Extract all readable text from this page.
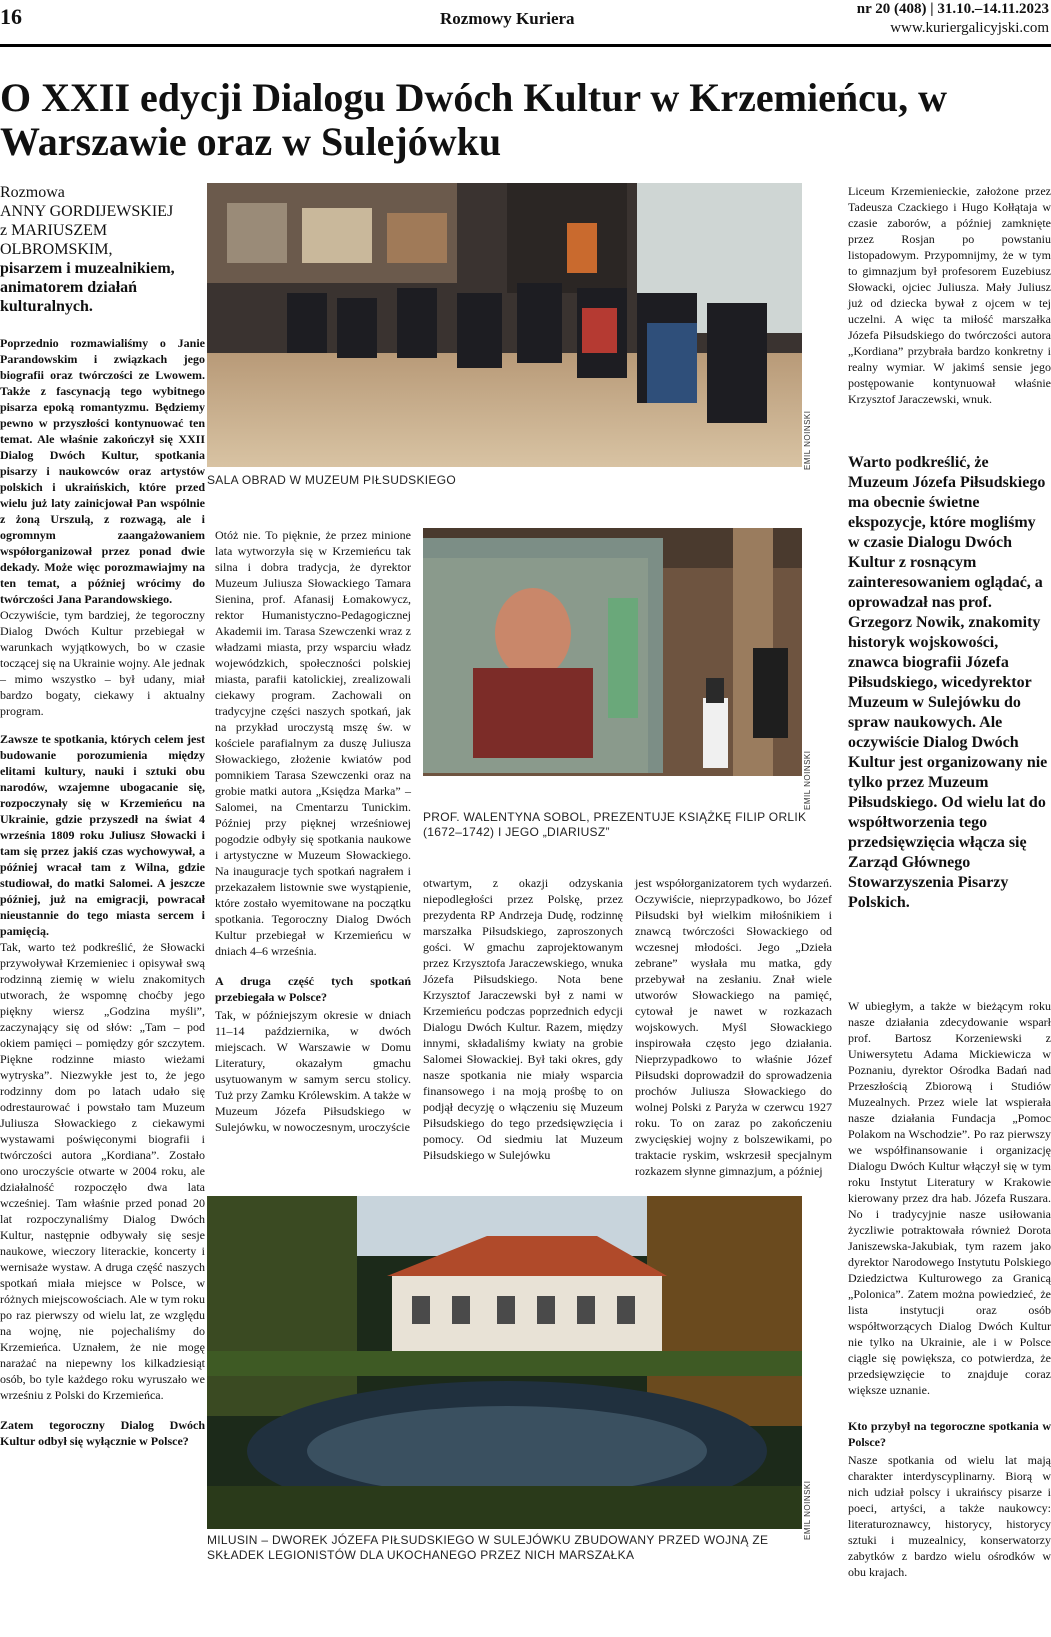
16	Rozmowy Kuriera	nr 20 (408) | 31.10.–14.11.2023
www.kuriergalicyjski.com
O XXII edycji Dialogu Dwóch Kultur w Krzemieńcu, w Warszawie oraz w Sulejówku
Rozmowa
ANNY GORDIJEWSKIEJ
z MARIUSZEM
OLBROMSKIM,
pisarzem i muzealnikiem,
animatorem działań
kulturalnych.

Poprzednio rozmawialiśmy o Janie Parandowskim i związkach jego biografii oraz twórczości ze Lwowem. Także z fascynacją tego wybitnego pisarza epoką romantyzmu. Będziemy pewno w przyszłości kontynuować ten temat. Ale właśnie zakończył się XXII Dialog Dwóch Kultur, spotkania pisarzy i naukowców oraz artystów polskich i ukraińskich, które przed wielu już laty zainicjował Pan wspólnie z żoną Urszulą, z rozwagą, ale i ogromnym zaangażowaniem współorganizował przez ponad dwie dekady. Może więc porozmawiajmy na ten temat, a później wrócimy do twórczości Jana Parandowskiego.

Oczywiście, tym bardziej, że tegoroczny Dialog Dwóch Kultur przebiegał w warunkach wyjątkowych, bo w czasie toczącej się na Ukrainie wojny. Ale jednak – mimo wszystko – był udany, miał bardzo bogaty, ciekawy i aktualny program.

Zawsze te spotkania, których celem jest budowanie porozumienia między elitami kultury, nauki i sztuki obu narodów, wzajemne ubogacanie się, rozpoczynały się w Krzemieńcu na Ukrainie, gdzie przyszedł na świat 4 września 1809 roku Juliusz Słowacki i tam się przez jakiś czas wychowywał, a później wracał tam z Wilna, gdzie studiował, do matki Salomei. A jeszcze później, już na emigracji, powracał nieustannie do tego miasta sercem i pamięcią.

Tak, warto też podkreślić, że Słowacki przywoływał Krzemieniec i opisywał swą rodzinną ziemię w wielu znakomitych utworach, że wspomnę choćby jego piękny wiersz „Godzina myśli”, zaczynający się od słów: „Tam – pod okiem pamięci – pomiędzy gór szczytem. Piękne rodzinne miasto wieżami wytryska”. Niezwykłe jest to, że jego rodzinny dom po latach udało się odrestaurować i powstało tam Muzeum Juliusza Słowackiego z ciekawymi wystawami poświęconymi biografii i twórczości autora „Kordiana”. Zostało ono uroczyście otwarte w 2004 roku, ale działalność rozpoczęło dwa lata wcześniej. Tam właśnie przed ponad 20 lat rozpoczynaliśmy Dialog Dwóch Kultur, następnie odbywały się sesje naukowe, wieczory literackie, koncerty i wernisaże wystaw. A druga część naszych spotkań miała miejsce w Polsce, w różnych miejscowościach. Ale w tym roku po raz pierwszy od wielu lat, ze względu na wojnę, nie pojechaliśmy do Krzemieńca. Uznałem, że nie mogę narażać na niepewny los kilkadziesiąt osób, bo tyle każdego roku wyruszało we wrześniu z Polski do Krzemieńca.

Zatem tegoroczny Dialog Dwóch Kultur odbył się wyłącznie w Polsce?

EMIL NOINSKI
SALA OBRAD W MUZEUM PIŁSUDSKIEGO

Otóż nie. To pięknie, że przez minione lata wytworzyła się w Krzemieńcu tak silna i dobra tradycja, że dyrektor Muzeum Juliusza Słowackiego Tamara Sienina, prof. Afanasij Łomakowycz, rektor Humanistyczno-Pedagogicznej Akademii im. Tarasa Szewczenki wraz z władzami miasta, przy wsparciu władz wojewódzkich, społeczności polskiej miasta, parafii katolickiej, zrealizowali ciekawy program. Zachowali on tradycyjne części naszych spotkań, jak na przykład uroczystą mszę św. w kościele parafialnym za duszę Juliusza Słowackiego, złożenie kwiatów pod pomnikiem Tarasa Szewczenki oraz na grobie matki autora „Księdza Marka” – Salomei, na Cmentarzu Tunickim. Później przy pięknej wrześniowej pogodzie odbyły się spotkania naukowe i artystyczne w Muzeum Słowackiego. Na inauguracje tych spotkań nagrałem i przekazałem listownie swe wystąpienie, które zostało wyemitowane na początku spotkania. Tegoroczny Dialog Dwóch Kultur przebiegał w Krzemieńcu w dniach 4–6 września.

A druga część tych spotkań przebiegała w Polsce?

Tak, w późniejszym okresie w dniach 11–14 października, w dwóch miejscach. W Warszawie w Domu Literatury, okazałym gmachu usytuowanym w samym sercu stolicy. Tuż przy Zamku Królewskim. A także w Muzeum Józefa Piłsudskiego w Sulejówku, w nowoczesnym, uroczyście

EMIL NOINSKI
PROF. WALENTYNA SOBOL, PREZENTUJE KSIĄŻKĘ FILIP ORLIK (1672–1742) I JEGO „DIARIUSZ”

otwartym, z okazji odzyskania niepodległości przez Polskę, przez prezydenta RP Andrzeja Dudę, rodzinnę marszałka Piłsudskiego, zaproszonych gości. W gmachu zaprojektowanym przez Krzysztofa Jaraczewskiego, wnuka Józefa Piłsudskiego. Nota bene Krzysztof Jaraczewski był z nami w Krzemieńcu podczas poprzednich edycji Dialogu Dwóch Kultur. Razem, między innymi, składaliśmy kwiaty na grobie Salomei Słowackiej. Był taki okres, gdy nasze spotkania nie miały wsparcia finansowego i na moją prośbę to on podjął decyzję o włączeniu się Muzeum Piłsudskiego do tego przedsięwzięcia i pomocy. Od siedmiu lat Muzeum Piłsudskiego w Sulejówku

jest współorganizatorem tych wydarzeń. Oczywiście, nieprzypadkowo, bo Józef Piłsudski był wielkim miłośnikiem i znawcą twórczości Słowackiego od wczesnej młodości. Jego „Dzieła zebrane” wysłała mu matka, gdy przebywał na zesłaniu. Znał wiele utworów Słowackiego na pamięć, cytował je nawet w rozkazach wojskowych. Myśl Słowackiego inspirowała często jego działania. Nieprzypadkowo to właśnie Józef Piłsudski doprowadził do sprowadzenia prochów Juliusza Słowackiego do wolnej Polski z Paryża w czerwcu 1927 roku. To on zaraz po zakończeniu zwycięskiej wojny z bolszewikami, po traktacie ryskim, wskrzesił specjalnym rozkazem słynne gimnazjum, a później

EMIL NOINSKI
MILUSIN – DWOREK JÓZEFA PIŁSUDSKIEGO W SULEJÓWKU ZBUDOWANY PRZED WOJNĄ ZE SKŁADEK LEGIONISTÓW DLA UKOCHANEGO PRZEZ NICH MARSZAŁKA

Liceum Krzemienieckie, założone przez Tadeusza Czackiego i Hugo Kołłątaja w czasie zaborów, a później zamknięte przez Rosjan po powstaniu listopadowym. Przypomnijmy, że w tym to gimnazjum był profesorem Euzebiusz Słowacki, ojciec Juliusza. Mały Juliusz już od dziecka bywał z ojcem w tej uczelni. A więc ta miłość marszałka Józefa Piłsudskiego do twórczości autora „Kordiana” przybrała bardzo konkretny i realny wymiar. W jakimś sensie jego postępowanie kontynuował właśnie Krzysztof Jaraczewski, wnuk.

Warto podkreślić, że Muzeum Józefa Piłsudskiego ma obecnie świetne ekspozycje, które mogliśmy w czasie Dialogu Dwóch Kultur z rosnącym zainteresowaniem oglądać, a oprowadzał nas prof. Grzegorz Nowik, znakomity historyk wojskowości, znawca biografii Józefa Piłsudskiego, wicedyrektor Muzeum w Sulejówku do spraw naukowych. Ale oczywiście Dialog Dwóch Kultur jest organizowany nie tylko przez Muzeum Piłsudskiego. Od wielu lat do współtworzenia tego przedsięwzięcia włącza się Zarząd Głównego Stowarzyszenia Pisarzy Polskich.

W ubiegłym, a także w bieżącym roku nasze działania zdecydowanie wsparł prof. Bartosz Korzeniewski z Uniwersytetu Adama Mickiewicza w Poznaniu, dyrektor Ośrodka Badań nad Przeszłością Zbiorową i Studiów Muzealnych. Przez wiele lat wspierała nasze działania Fundacja „Pomoc Polakom na Wschodzie”. Po raz pierwszy we współfinansowanie i organizację Dialogu Dwóch Kultur włączył się w tym roku Instytut Literatury w Krakowie kierowany przez dra hab. Józefa Ruszara. No i tradycyjnie nasze usiłowania życzliwie potraktowała również Dorota Janiszewska-Jakubiak, tym razem jako dyrektor Narodowego Instytutu Polskiego Dziedzictwa Kulturowego za Granicą „Polonica”. Zatem można powiedzieć, że lista instytucji oraz osób współtworzących Dialog Dwóch Kultur nie tylko na Ukrainie, ale i w Polsce ciągle się powiększa, co potwierdza, że przedsięwzięcie to znajduje coraz większe uznanie.

Kto przybył na tegoroczne spotkania w Polsce?

Nasze spotkania od wielu lat mają charakter interdyscyplinarny. Biorą w nich udział polscy i ukraińscy pisarze i poeci, artyści, a także naukowcy: literaturoznawcy, historycy, historycy sztuki i muzealnicy, konserwatorzy zabytków z bardzo wielu ośrodków w obu krajach.
